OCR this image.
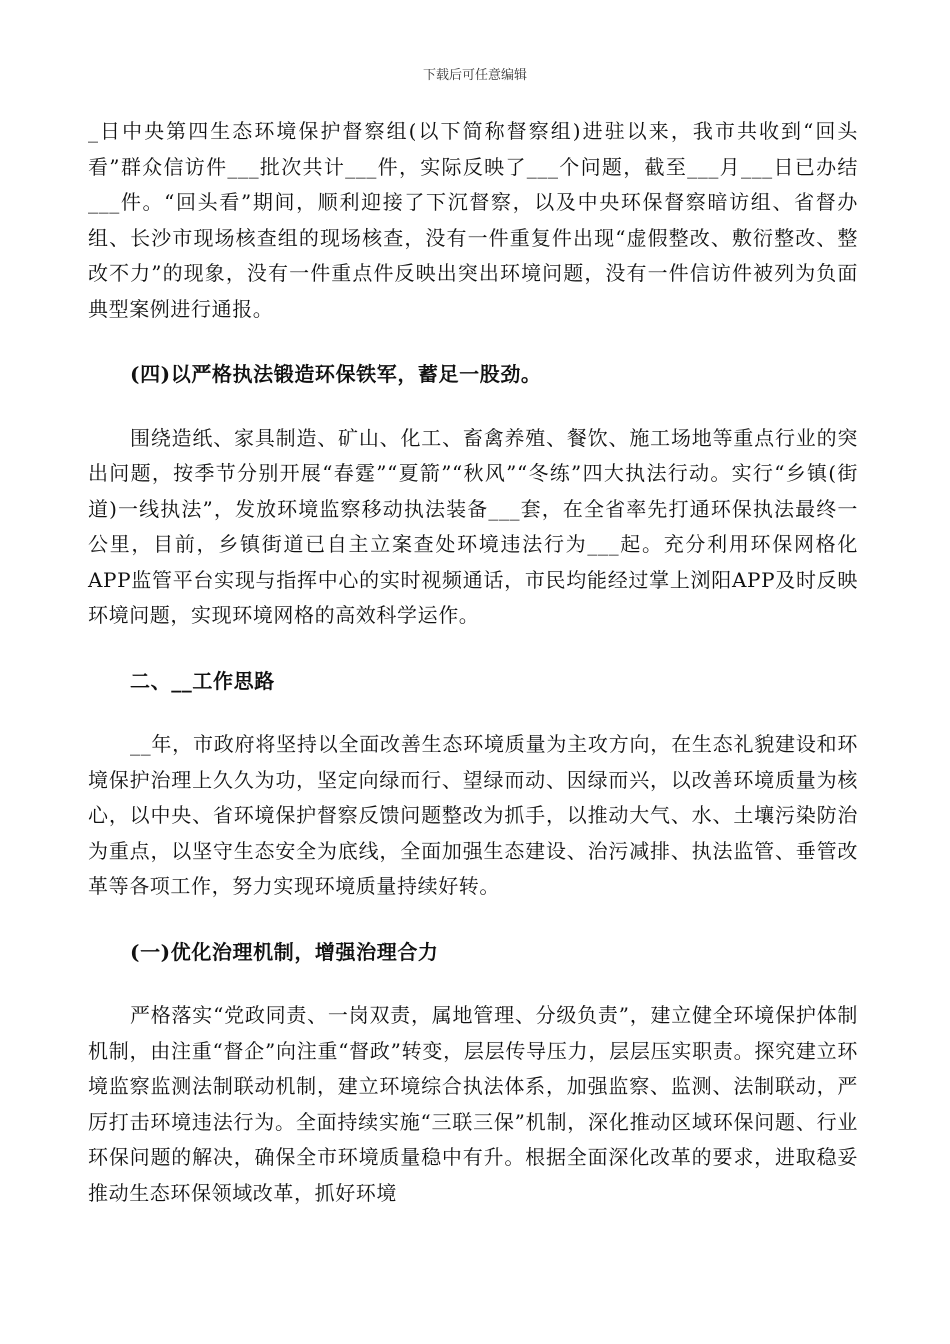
下载后可任意编辑

_日中央第四生态环境保护督察组(以下简称督察组)进驻以来，我市共收到“回头看”群众信访件___批次共计___件，实际反映了___个问题，截至___月___日已办结___件。“回头看”期间，顺利迎接了下沉督察，以及中央环保督察暗访组、省督办组、长沙市现场核查组的现场核查，没有一件重复件出现“虚假整改、敷衍整改、整改不力”的现象，没有一件重点件反映出突出环境问题，没有一件信访件被列为负面典型案例进行通报。

(四)以严格执法锻造环保铁军，蓄足一股劲。

围绕造纸、家具制造、矿山、化工、畜禽养殖、餐饮、施工场地等重点行业的突出问题，按季节分别开展“春霆”“夏箭”“秋风”“冬练”四大执法行动。实行“乡镇(街道)一线执法”，发放环境监察移动执法装备___套，在全省率先打通环保执法最终一公里，目前，乡镇街道已自主立案查处环境违法行为___起。充分利用环保网格化APP监管平台实现与指挥中心的实时视频通话，市民均能经过掌上浏阳APP及时反映环境问题，实现环境网格的高效科学运作。

二、__工作思路

__年，市政府将坚持以全面改善生态环境质量为主攻方向，在生态礼貌建设和环境保护治理上久久为功，坚定向绿而行、望绿而动、因绿而兴，以改善环境质量为核心，以中央、省环境保护督察反馈问题整改为抓手，以推动大气、水、土壤污染防治为重点，以坚守生态安全为底线，全面加强生态建设、治污减排、执法监管、垂管改革等各项工作，努力实现环境质量持续好转。

(一)优化治理机制，增强治理合力

严格落实“党政同责、一岗双责，属地管理、分级负责”，建立健全环境保护体制机制，由注重“督企”向注重“督政”转变，层层传导压力，层层压实职责。探究建立环境监察监测法制联动机制，建立环境综合执法体系，加强监察、监测、法制联动，严厉打击环境违法行为。全面持续实施“三联三保”机制，深化推动区域环保问题、行业环保问题的解决，确保全市环境质量稳中有升。根据全面深化改革的要求，进取稳妥推动生态环保领域改革，抓好环境
